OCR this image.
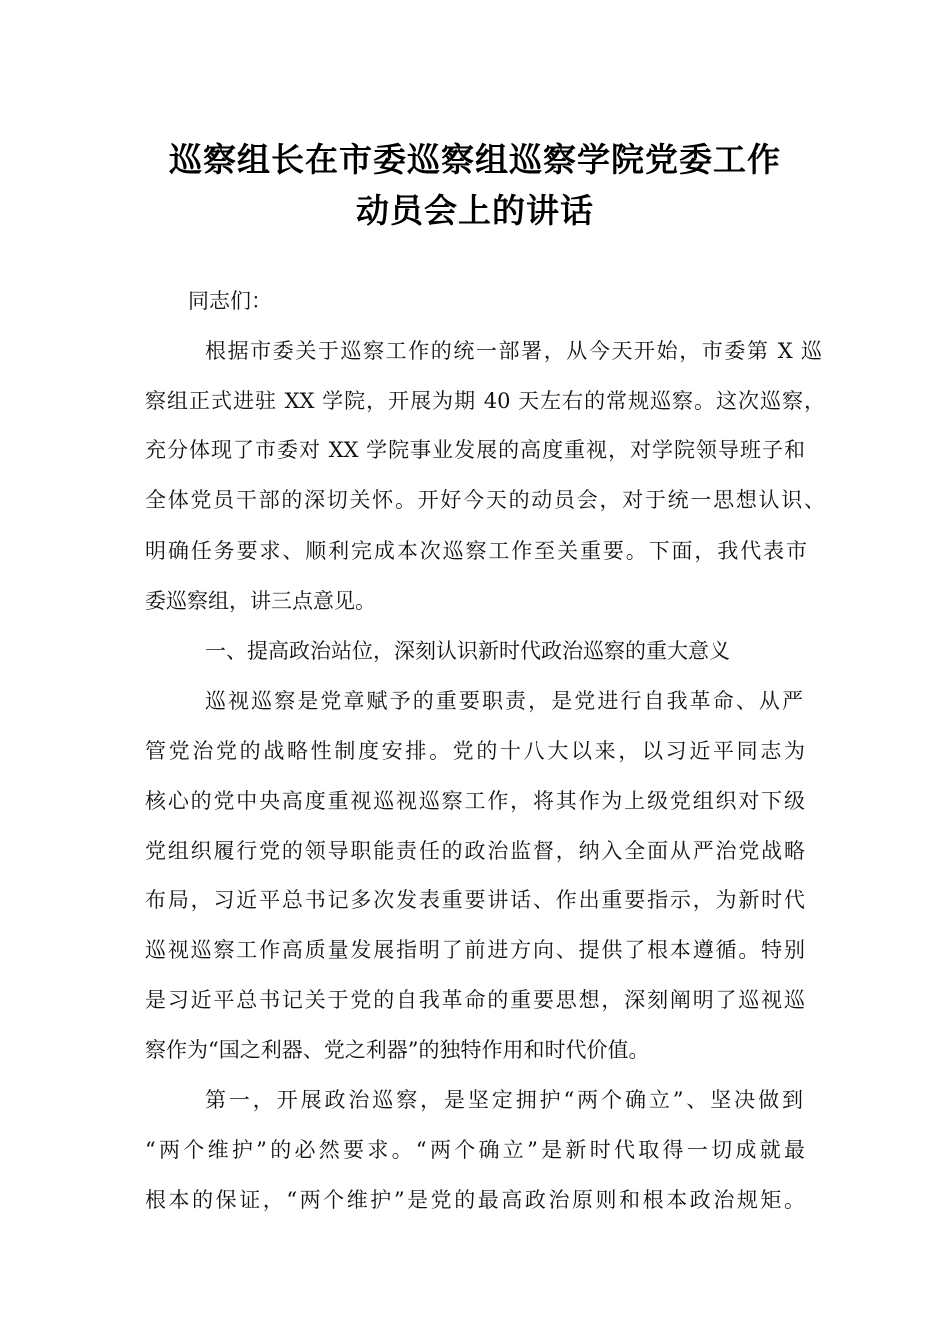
巡察组长在市委巡察组巡察学院党委工作
动员会上的讲话
同志们：
根据市委关于巡察工作的统一部署，从今天开始，市委第 X 巡
察组正式进驻 XX 学院，开展为期 40 天左右的常规巡察。这次巡察，
充分体现了市委对 XX 学院事业发展的高度重视，对学院领导班子和
全体党员干部的深切关怀。开好今天的动员会，对于统一思想认识、
明确任务要求、顺利完成本次巡察工作至关重要。下面，我代表市
委巡察组，讲三点意见。
一、提高政治站位，深刻认识新时代政治巡察的重大意义
巡视巡察是党章赋予的重要职责，是党进行自我革命、从严
管党治党的战略性制度安排。党的十八大以来，以习近平同志为
核心的党中央高度重视巡视巡察工作，将其作为上级党组织对下级
党组织履行党的领导职能责任的政治监督，纳入全面从严治党战略
布局，习近平总书记多次发表重要讲话、作出重要指示，为新时代
巡视巡察工作高质量发展指明了前进方向、提供了根本遵循。特别
是习近平总书记关于党的自我革命的重要思想，深刻阐明了巡视巡
察作为“国之利器、党之利器”的独特作用和时代价值。
第一，开展政治巡察，是坚定拥护“两个确立”、坚决做到
“两个维护”的必然要求。“两个确立”是新时代取得一切成就最
根本的保证，“两个维护”是党的最高政治原则和根本政治规矩。
